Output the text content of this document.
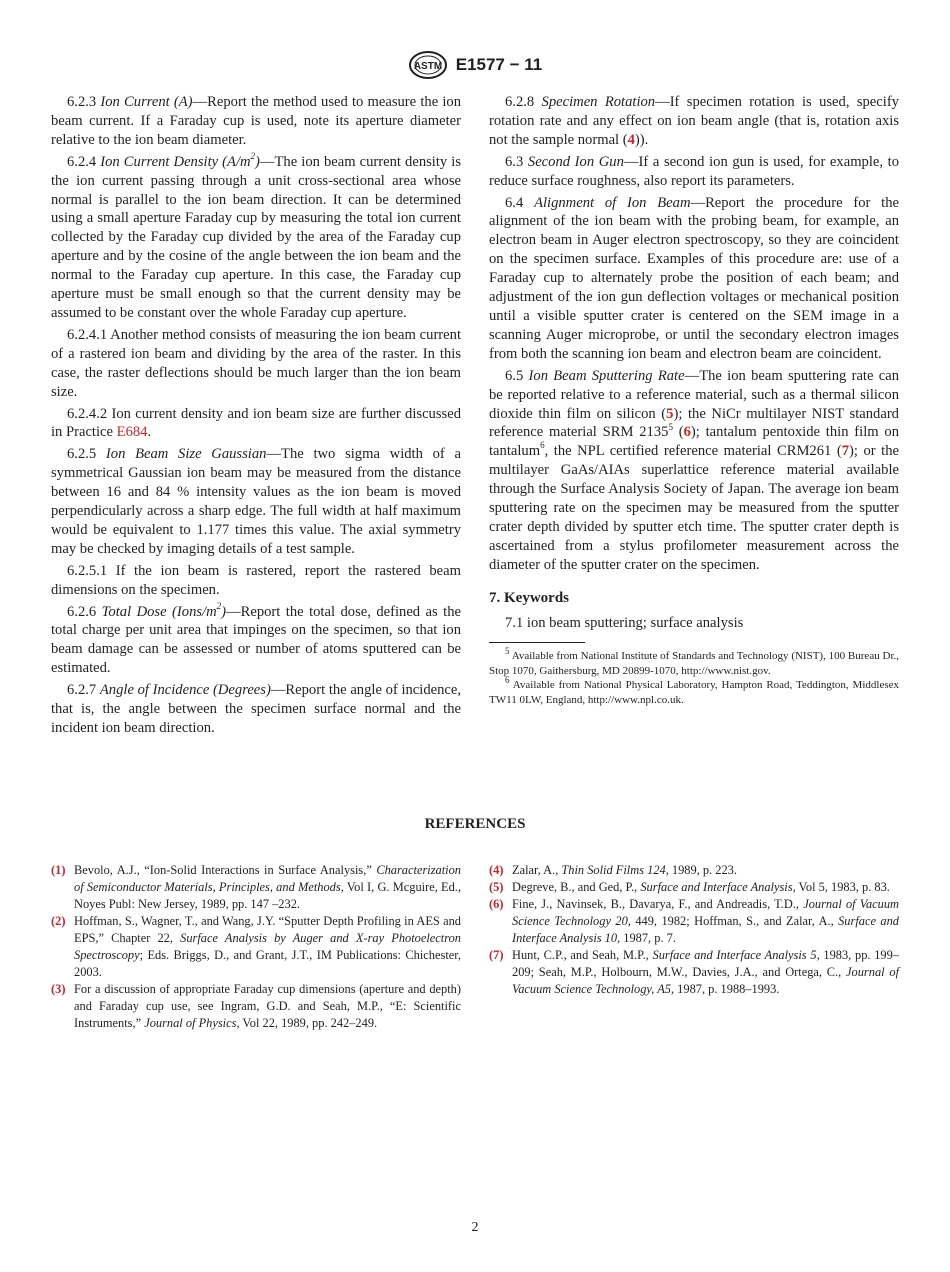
ASTM E1577 − 11

6.2.3 Ion Current (A)—Report the method used to measure the ion beam current. If a Faraday cup is used, note its aperture diameter relative to the ion beam diameter.

6.2.4 Ion Current Density $(A/m^2)—The$ ion beam current density is the ion current passing through a unit cross-sectional area whose normal is parallel to the ion beam direction. It can be determined using a small aperture Faraday cup by measuring the total ion current collected by the Faraday cup divided by the area of the Faraday cup aperture and by the cosine of the angle between the ion beam and the normal to the Faraday cup aperture. In this case, the Faraday cup aperture must be small enough so that the current density may be assumed to be constant over the whole Faraday cup aperture.

6.2.4.1 Another method consists of measuring the ion beam current of a rastered ion beam and dividing by the area of the raster. In this case, the raster deflections should be much larger than the ion beam size.

6.2.4.2 Ion current density and ion beam size are further discussed in Practice E684.

6.2.5 Ion Beam Size Gaussian—The two sigma width of a symmetrical Gaussian ion beam may be measured from the distance between 16 and 84 % intensity values as the ion beam is moved perpendicularly across a sharp edge. The full width at half maximum would be equivalent to 1.177 times this value. The axial symmetry may be checked by imaging details of a test sample.

6.2.5.1 If the ion beam is rastered, report the rastered beam dimensions on the specimen.

6.2.6 Total Dose $(Ions/m^2)—Report$ the total dose, defined as the total charge per unit area that impinges on the specimen, so that ion beam damage can be assessed or number of atoms sputtered can be estimated.

6.2.7 Angle of Incidence (Degrees)—Report the angle of incidence, that is, the angle between the specimen surface normal and the incident ion beam direction.

6.2.8 Specimen Rotation—If specimen rotation is used, specify rotation rate and any effect on ion beam angle (that is, rotation axis not the sample normal (4)).

6.3 Second Ion Gun—If a second ion gun is used, for example, to reduce surface roughness, also report its parameters.

6.4 Alignment of Ion Beam—Report the procedure for the alignment of the ion beam with the probing beam, for example, an electron beam in Auger electron spectroscopy, so they are coincident on the specimen surface. Examples of this procedure are: use of a Faraday cup to alternately probe the position of each beam; and adjustment of the ion gun deflection voltages or mechanical position until a visible sputter crater is centered on the SEM image in a scanning Auger microprobe, or until the secondary electron images from both the scanning ion beam and electron beam are coincident.

6.5 Ion Beam Sputtering Rate—The ion beam sputtering rate can be reported relative to a reference material, such as a thermal silicon dioxide thin film on silicon (5); the NiCr multilayer NIST standard reference material SRM 2135$^5$ (6); tantalum pentoxide thin film on tantalum$^6$, the NPL certified reference material CRM261 (7); or the multilayer GaAs/AIAs superlattice reference material available through the Surface Analysis Society of Japan. The average ion beam sputtering rate on the specimen may be measured from the sputter crater depth divided by sputter etch time. The sputter crater depth is ascertained from a stylus profilometer measurement across the diameter of the sputter crater on the specimen.

7. Keywords

7.1 ion beam sputtering; surface analysis

$^5$ Available from National Institute of Standards and Technology (NIST), 100 Bureau Dr., Stop 1070, Gaithersburg, MD 20899-1070, http://www.nist.gov.

$^6$ Available from National Physical Laboratory, Hampton Road, Teddington, Middlesex TW11 0LW, England, http://www.npl.co.uk.

REFERENCES
(1) Bevolo, A.J., “Ion-Solid Interactions in Surface Analysis,” Characterization of Semiconductor Materials, Principles, and Methods, Vol I, G. Mcguire, Ed., Noyes Publ: New Jersey, 1989, pp. 147 –232.
(2) Hoffman, S., Wagner, T., and Wang, J.Y. “Sputter Depth Profiling in AES and EPS,” Chapter 22, Surface Analysis by Auger and X-ray Photoelectron Spectroscopy; Eds. Briggs, D., and Grant, J.T., IM Publications: Chichester, 2003.
(3) For a discussion of appropriate Faraday cup dimensions (aperture and depth) and Faraday cup use, see Ingram, G.D. and Seah, M.P., “E: Scientific Instruments,” Journal of Physics, Vol 22, 1989, pp. 242–249.
(4) Zalar, A., Thin Solid Films 124, 1989, p. 223.
(5) Degreve, B., and Ged, P., Surface and Interface Analysis, Vol 5, 1983, p. 83.
(6) Fine, J., Navinsek, B., Davarya, F., and Andreadis, T.D., Journal of Vacuum Science Technology 20, 449, 1982; Hoffman, S., and Zalar, A., Surface and Interface Analysis 10, 1987, p. 7.
(7) Hunt, C.P., and Seah, M.P., Surface and Interface Analysis 5, 1983, pp. 199–209; Seah, M.P., Holbourn, M.W., Davies, J.A., and Ortega, C., Journal of Vacuum Science Technology, A5, 1987, p. 1988–1993.
2
